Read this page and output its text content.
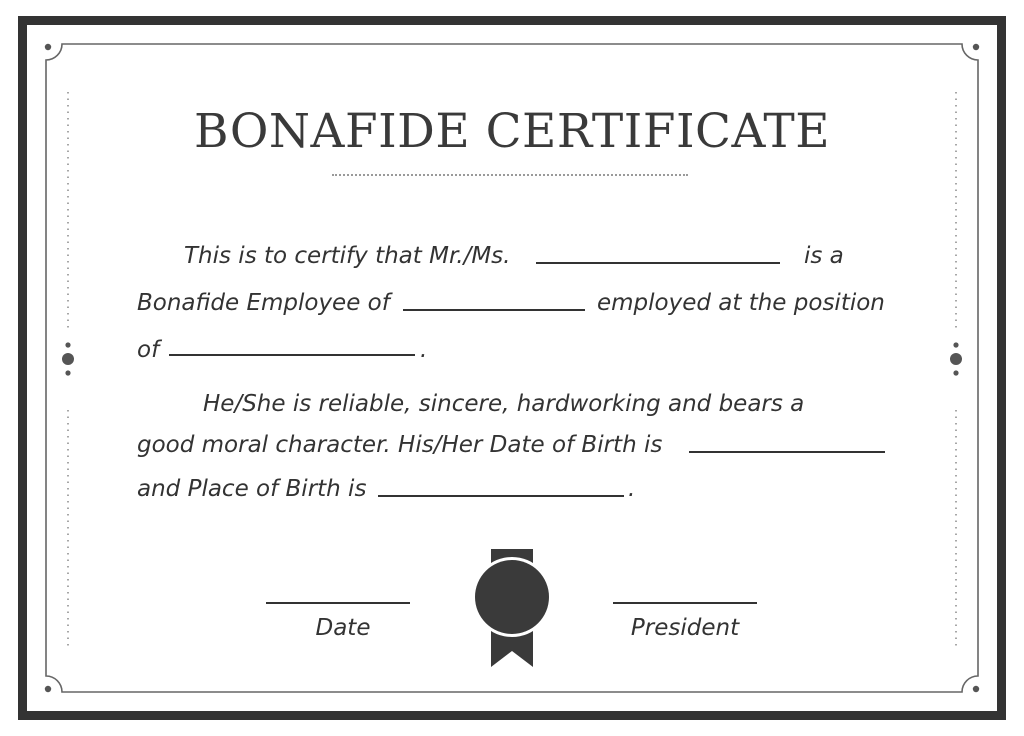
BONAFIDE CERTIFICATE
This is to certify that Mr./Ms.	is a
Bonafide Employee of	employed at the position
of	.
He/She is reliable, sincere, hardworking and bears a
good moral character. His/Her Date of Birth is
and Place of Birth is	.
Date	President
